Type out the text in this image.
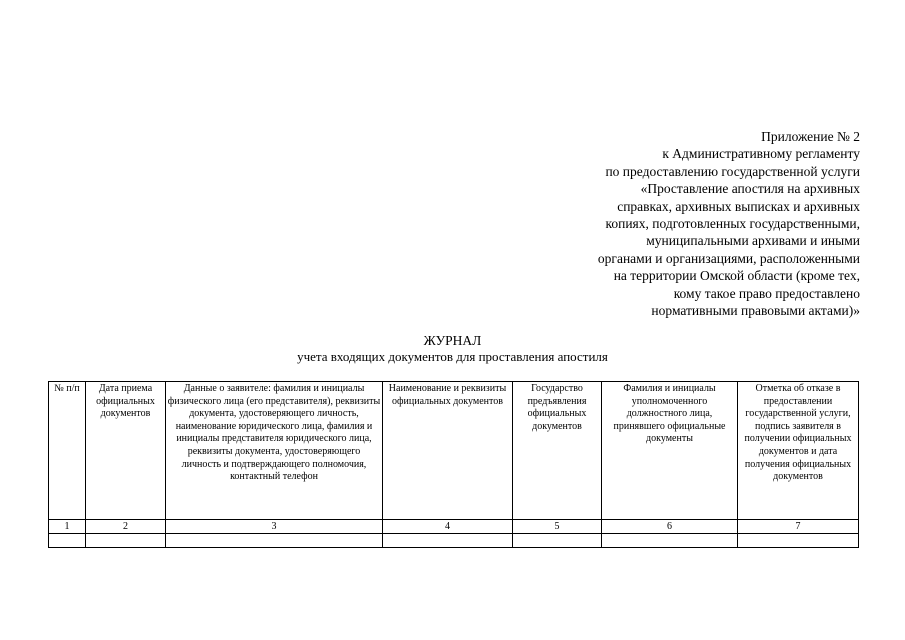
Приложение № 2
к Административному регламенту
по предоставлению государственной услуги
«Проставление апостиля на архивных
справках, архивных выписках и архивных
копиях, подготовленных государственными,
муниципальными архивами и иными
органами и организациями, расположенными
на территории Омской области (кроме тех,
кому такое право предоставлено
нормативными правовыми актами)»
ЖУРНАЛ
учета входящих документов для проставления апостиля
№ п/п	Дата приема официальных документов	Данные о заявителе: фамилия и инициалы физического лица (его представителя), реквизиты документа, удостоверяющего личность, наименование юридического лица, фамилия и инициалы представителя юридического лица, реквизиты документа, удостоверяющего личность и подтверждающего полномочия, контактный телефон	Наименование и реквизиты официальных документов	Государство предъявления официальных документов	Фамилия и инициалы уполномоченного должностного лица, принявшего официальные документы	Отметка об отказе в предоставлении государственной услуги, подпись заявителя в получении официальных документов и дата получения официальных документов
1	2	3	4	5	6	7
